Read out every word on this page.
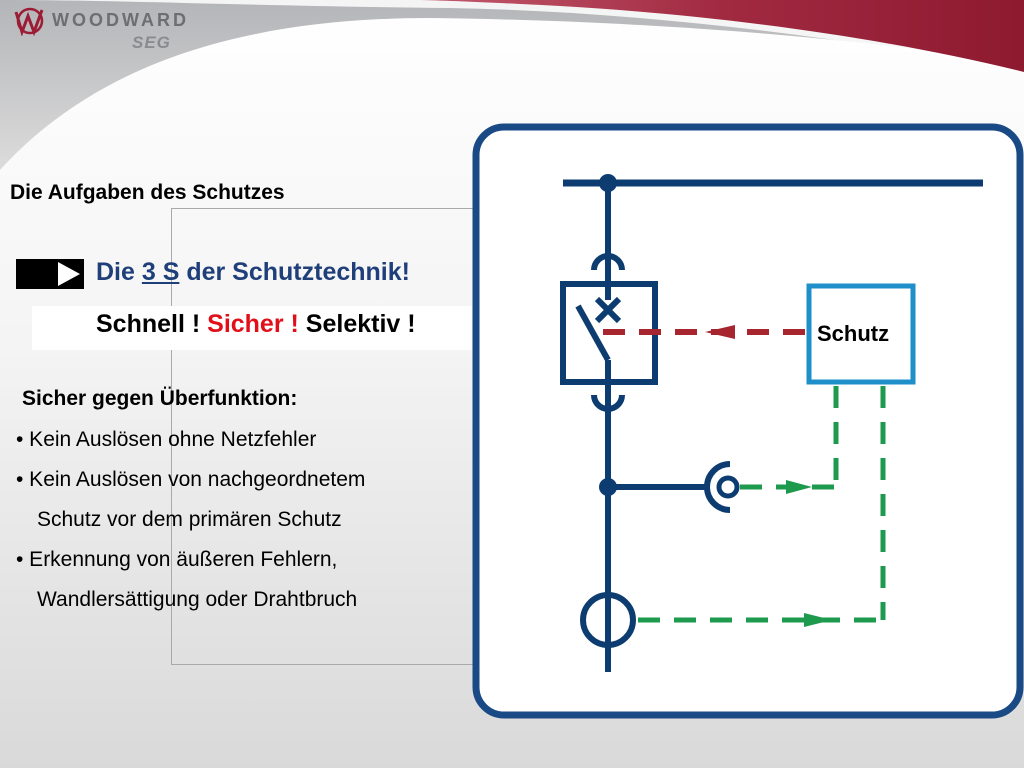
WOODWARD
SEG
Die Aufgaben des Schutzes
Die 3 S der Schutztechnik!
Schnell ! Sicher ! Selektiv !
Sicher gegen Überfunktion:
• Kein Auslösen ohne Netzfehler
• Kein Auslösen von nachgeordnetem
Schutz vor dem primären Schutz
• Erkennung von äußeren Fehlern,
Wandlersättigung oder Drahtbruch
Schutz
